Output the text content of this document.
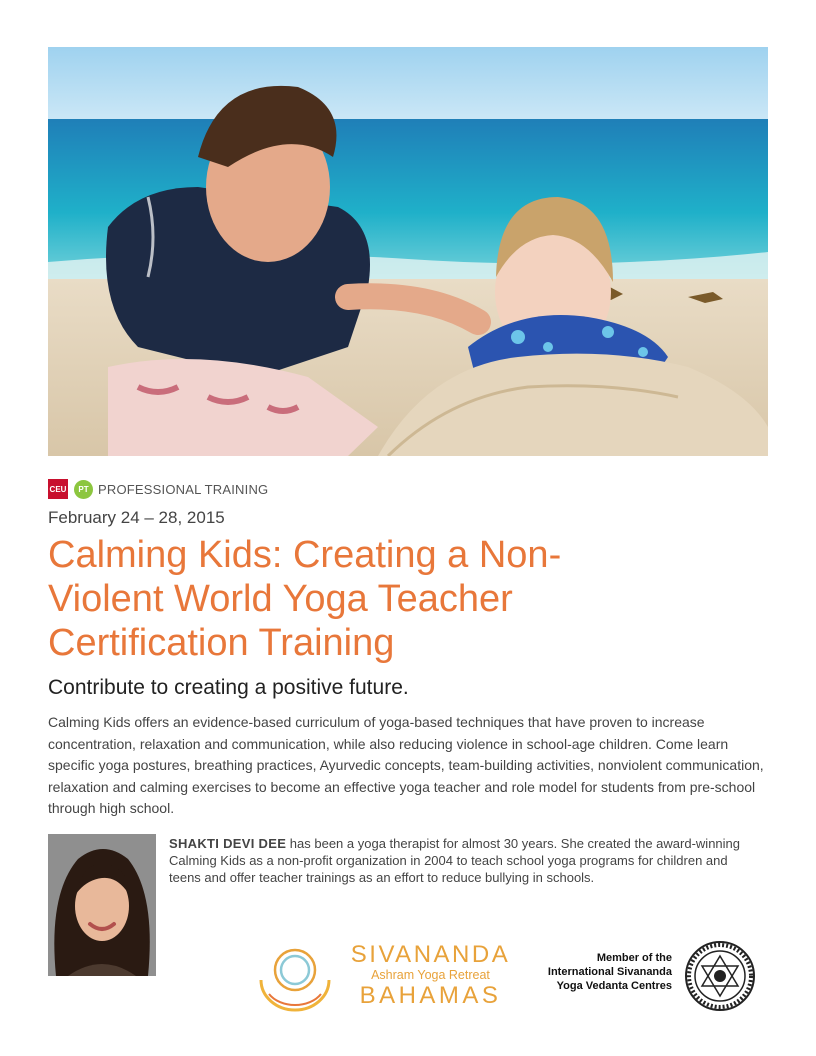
CEU	PT PROFESSIONAL TRAINING
February 24 – 28, 2015
Calming Kids: Creating a Non-
Violent World Yoga Teacher
Certification Training
Contribute to creating a positive future.

Calming Kids offers an evidence-based curriculum of yoga-based techniques that have proven to increase concentration, relaxation and communication, while also reducing violence in school-age children. Come learn specific yoga postures, breathing practices, Ayurvedic concepts, team-building activities, nonviolent communication, relaxation and calming exercises to become an effective yoga teacher and role model for students from pre-school through high school.

SHAKTI DEVI DEE has been a yoga therapist for almost 30 years. She created the award-winning Calming Kids as a non-profit organization in 2004 to teach school yoga programs for children and teens and offer teacher trainings as an effort to reduce bullying in schools.

SIVANANDA
Ashram Yoga Retreat
BAHAMAS
Member of the
International Sivananda
Yoga Vedanta Centres
